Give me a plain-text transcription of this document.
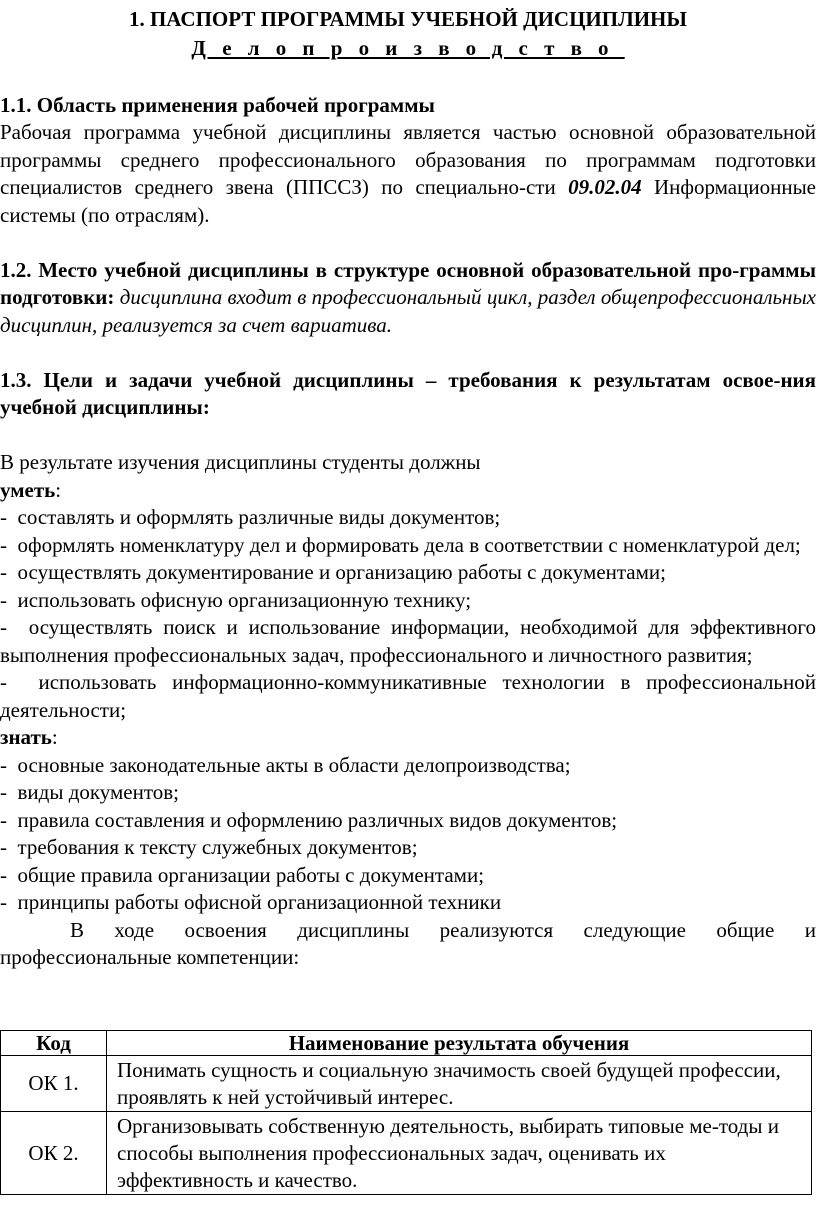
1. ПАСПОРТ ПРОГРАММЫ УЧЕБНОЙ ДИСЦИПЛИНЫ
Делопроизводство

1.1. Область применения рабочей программы

Рабочая программа учебной дисциплины является частью основной образовательной программы среднего профессионального образования по программам подготовки специалистов среднего звена (ППССЗ) по специально-сти 09.02.04 Информационные системы (по отраслям).

1.2. Место учебной дисциплины в структуре основной образовательной про-граммы подготовки: дисциплина входит в профессиональный цикл, раздел общепрофессиональных дисциплин, реализуется за счет вариатива.

1.3. Цели и задачи учебной дисциплины – требования к результатам освое-ния учебной дисциплины:

В результате изучения дисциплины студенты должны

уметь:

-  составлять и оформлять различные виды документов;

-  оформлять номенклатуру дел и формировать дела в соответствии с номенклатурой дел;

-  осуществлять документирование и организацию работы с документами;

-  использовать офисную организационную технику;

-  осуществлять поиск и использование информации, необходимой для эффективного выполнения профессиональных задач, профессионального и личностного развития;

-  использовать информационно-коммуникативные технологии в профессиональной деятельности;

знать:

-  основные законодательные акты в области делопроизводства;

-  виды документов;

-  правила составления и оформлению различных видов документов;

-  требования к тексту служебных документов;

-  общие правила организации работы с документами;

-  принципы работы офисной организационной техники

В ходе освоения дисциплины реализуются следующие общие и профессиональные компетенции:

Код	Наименование результата обучения
ОК 1.	Понимать сущность и социальную значимость своей будущей профессии, проявлять к ней устойчивый интерес.
ОК 2.	Организовывать собственную деятельность, выбирать типовые ме-тоды и способы выполнения профессиональных задач, оценивать их эффективность и качество.
